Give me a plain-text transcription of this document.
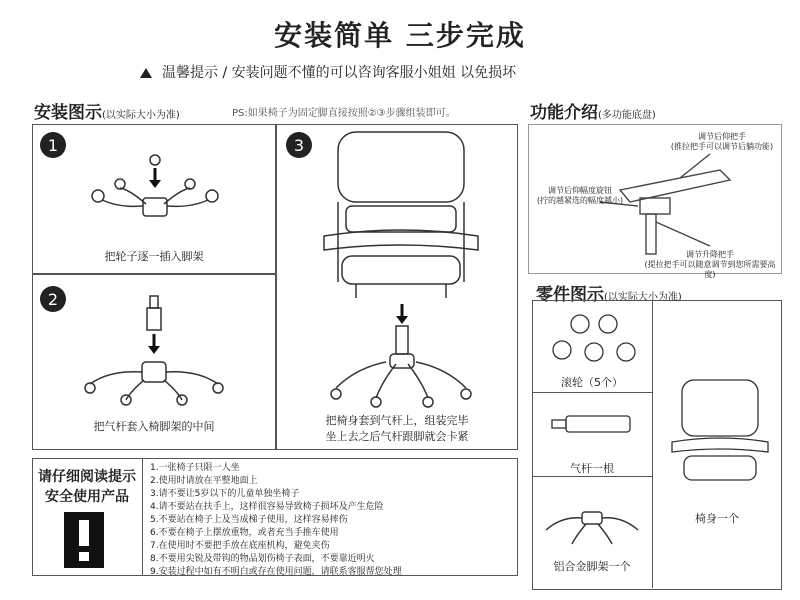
安装简单 三步完成
温馨提示 / 安装问题不懂的可以咨询客服小姐姐 以免损坏
安装图示(以实际大小为准)	PS:如果椅子为固定脚直接按照②③步骤组装即可。
1
2
3
把轮子逐一插入脚架
把气杆套入椅脚架的中间	把椅身套到气杆上，组装完毕
坐上去之后气杆跟脚就会卡紧
请仔细阅读提示
安全使用产品
1.一张椅子只限一人坐
2.使用时请放在平整地面上
3.请不要让5岁以下的儿童单独坐椅子
4.请不要站在扶手上，这样很容易导致椅子损坏及产生危险
5.不要站在椅子上及当成梯子使用，这样容易摔伤
6.不要在椅子上摆放重物，或者充当手推车使用
7.在使用时不要把手放在底座机构，避免夹伤
8.不要用尖锐及带钩的物品划伤椅子表面，不要靠近明火
9.安装过程中如有不明白或存在使用问题，请联系客服帮您处理
功能介绍(多功能底盘)
调节后仰把手
(推拉把手可以调节后躺功能)
调节后仰幅度旋钮
(拧的越紧选的幅度越小)
调节升降把手
(提拉把手可以随意调节到您所需要高度)
零件图示(以实际大小为准)
滚轮（5个）
气杆一根
铝合金脚架一个
椅身一个
